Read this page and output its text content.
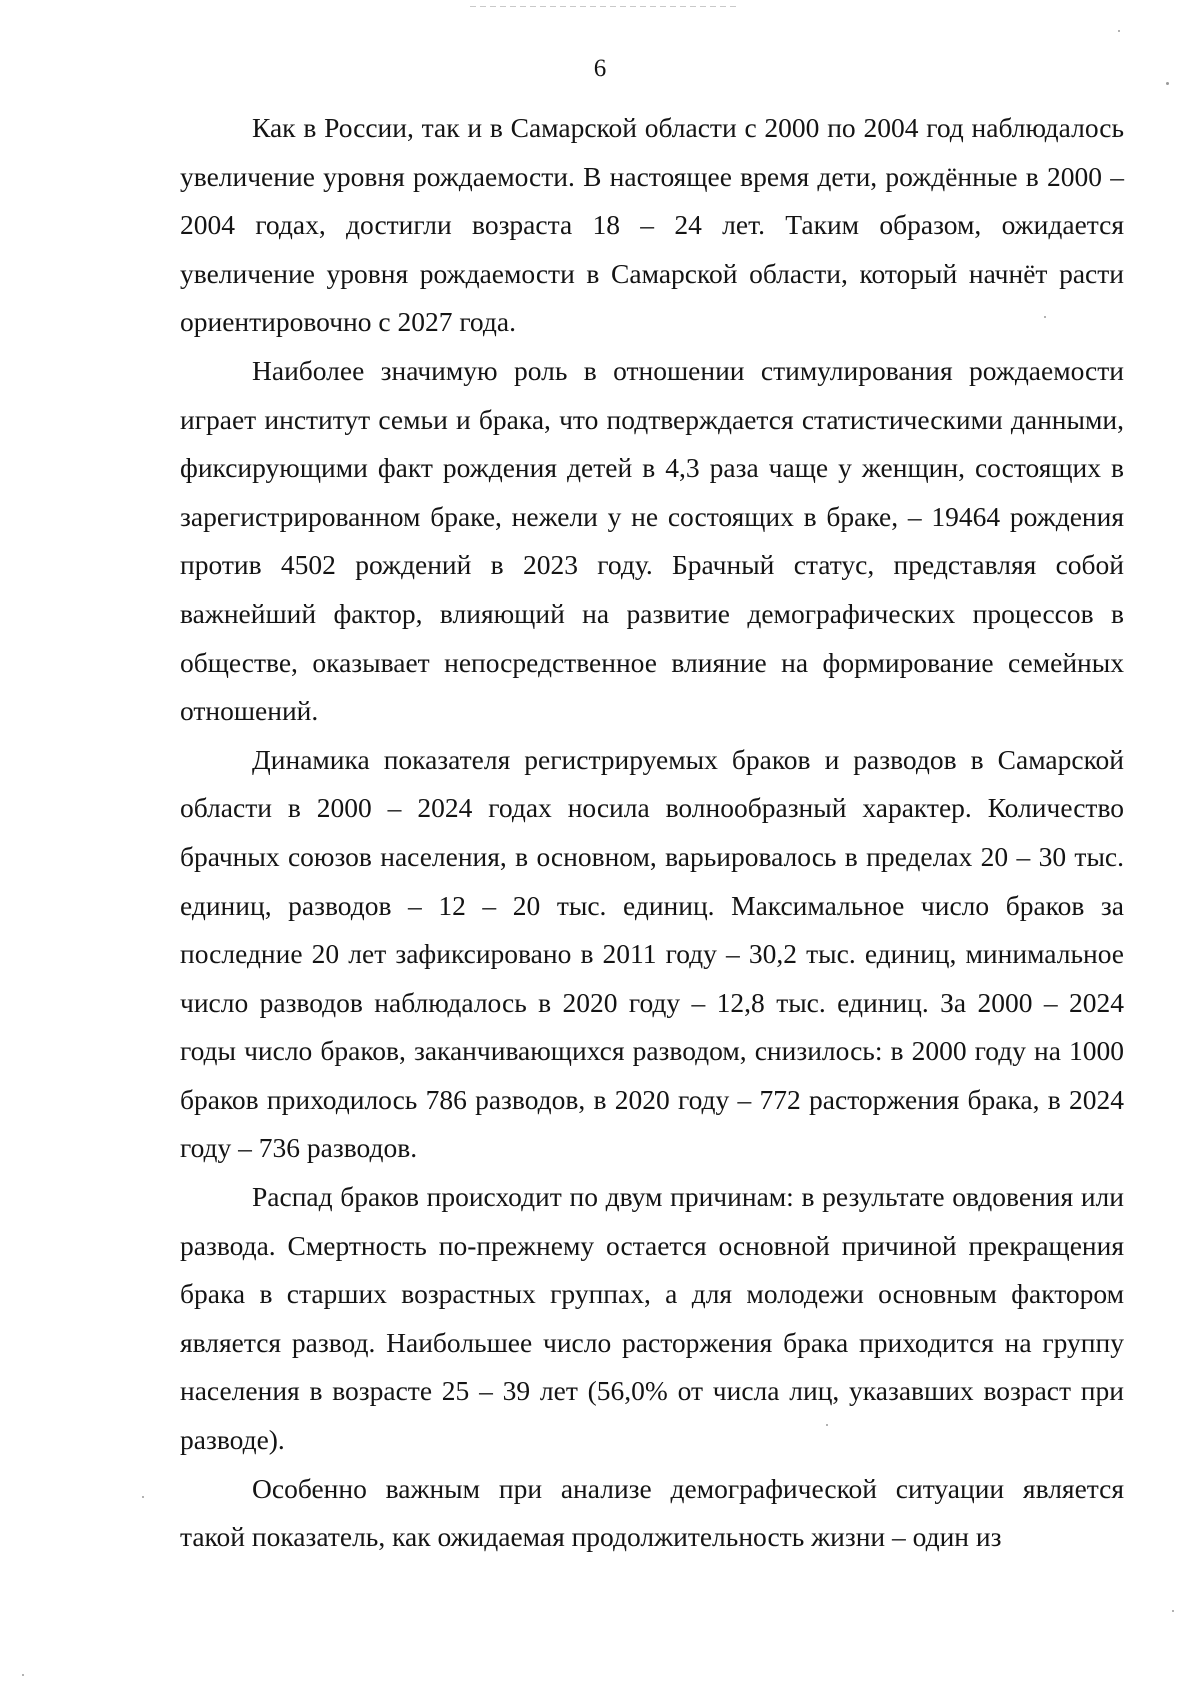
6

Как в России, так и в Самарской области с 2000 по 2004 год наблюдалось увеличение уровня рождаемости. В настоящее время дети, рождённые в 2000 – 2004 годах, достигли возраста 18 – 24 лет. Таким образом, ожидается увеличение уровня рождаемости в Самарской области, который начнёт расти ориентировочно с 2027 года.

Наиболее значимую роль в отношении стимулирования рождаемости играет институт семьи и брака, что подтверждается статистическими данными, фиксирующими факт рождения детей в 4,3 раза чаще у женщин, состоящих в зарегистрированном браке, нежели у не состоящих в браке, – 19464 рождения против 4502 рождений в 2023 году. Брачный статус, представляя собой важнейший фактор, влияющий на развитие демографических процессов в обществе, оказывает непосредственное влияние на формирование семейных отношений.

Динамика показателя регистрируемых браков и разводов в Самарской области в 2000 – 2024 годах носила волнообразный характер. Количество брачных союзов населения, в основном, варьировалось в пределах 20 – 30 тыс. единиц, разводов – 12 – 20 тыс. единиц. Максимальное число браков за последние 20 лет зафиксировано в 2011 году – 30,2 тыс. единиц, минимальное число разводов наблюдалось в 2020 году – 12,8 тыс. единиц. За 2000 – 2024 годы число браков, заканчивающихся разводом, снизилось: в 2000 году на 1000 браков приходилось 786 разводов, в 2020 году – 772 расторжения брака, в 2024 году – 736 разводов.

Распад браков происходит по двум причинам: в результате овдовения или развода. Смертность по-прежнему остается основной причиной прекращения брака в старших возрастных группах, а для молодежи основным фактором является развод. Наибольшее число расторжения брака приходится на группу населения в возрасте 25 – 39 лет (56,0% от числа лиц, указавших возраст при разводе).

Особенно важным при анализе демографической ситуации является такой показатель, как ожидаемая продолжительность жизни – один из
